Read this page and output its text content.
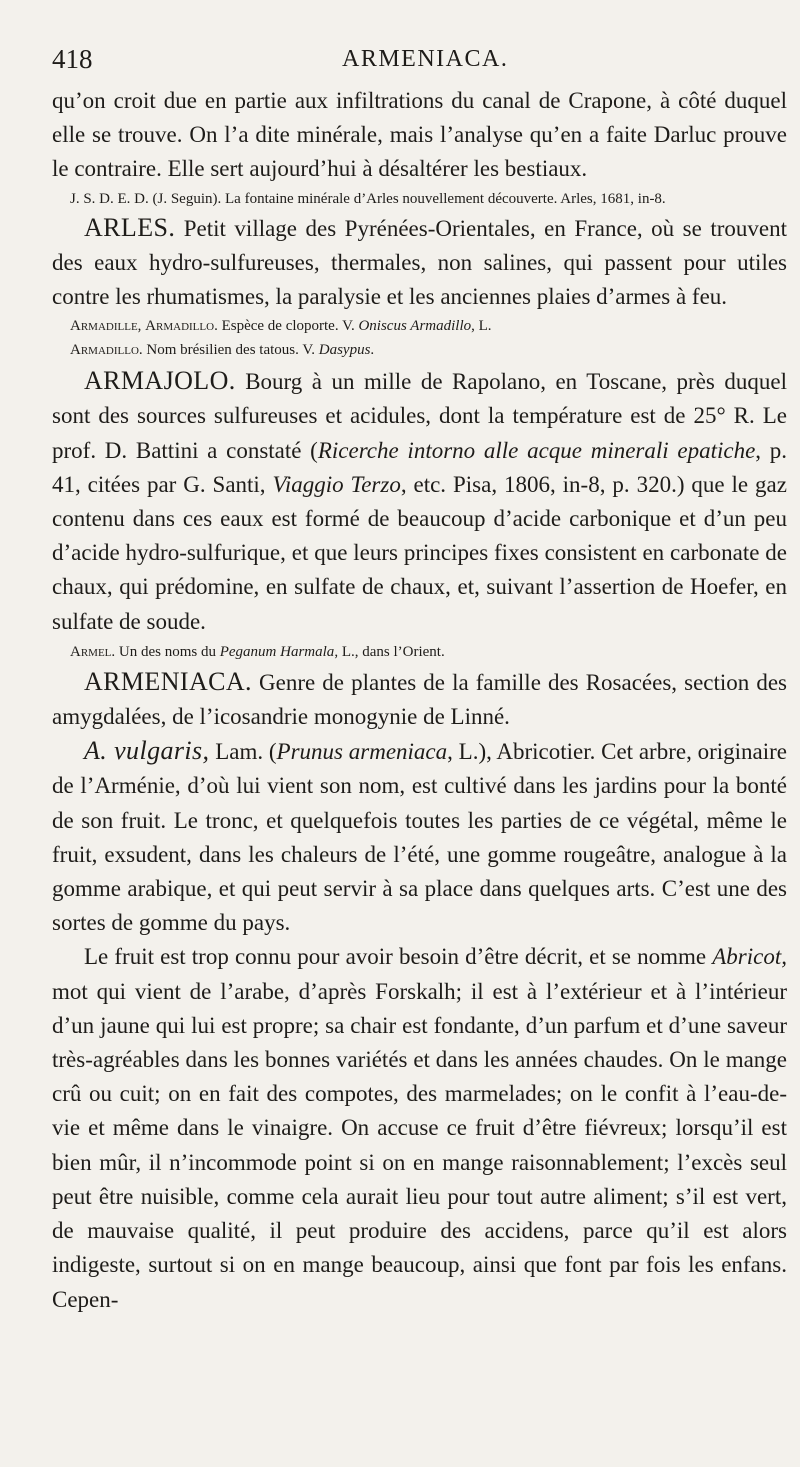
418	ARMENIACA.

qu’on croit due en partie aux infiltrations du canal de Crapone, à côté duquel elle se trouve. On l’a dite minérale, mais l’analyse qu’en a faite Darluc prouve le contraire. Elle sert aujourd’hui à désaltérer les bestiaux.

J. S. D. E. D. (J. Seguin). La fontaine minérale d’Arles nouvellement découverte. Arles, 1681, in-8.

ARLES. Petit village des Pyrénées-Orientales, en France, où se trouvent des eaux hydro-sulfureuses, thermales, non salines, qui passent pour utiles contre les rhumatismes, la paralysie et les anciennes plaies d’armes à feu.

Armadille, Armadillo. Espèce de cloporte. V. Oniscus Armadillo, L.

Armadillo. Nom brésilien des tatous. V. Dasypus.

ARMAJOLO. Bourg à un mille de Rapolano, en Toscane, près duquel sont des sources sulfureuses et acidules, dont la température est de 25° R. Le prof. D. Battini a constaté (Ricerche intorno alle acque minerali epatiche, p. 41, citées par G. Santi, Viaggio Terzo, etc. Pisa, 1806, in-8, p. 320.) que le gaz contenu dans ces eaux est formé de beaucoup d’acide carbonique et d’un peu d’acide hydro-sulfurique, et que leurs principes fixes consistent en carbonate de chaux, qui prédomine, en sulfate de chaux, et, suivant l’assertion de Hoefer, en sulfate de soude.

Armel. Un des noms du Peganum Harmala, L., dans l’Orient.

ARMENIACA. Genre de plantes de la famille des Rosacées, section des amygdalées, de l’icosandrie monogynie de Linné.

A. vulgaris, Lam. (Prunus armeniaca, L.), Abricotier. Cet arbre, originaire de l’Arménie, d’où lui vient son nom, est cultivé dans les jardins pour la bonté de son fruit. Le tronc, et quelquefois toutes les parties de ce végétal, même le fruit, exsudent, dans les chaleurs de l’été, une gomme rougeâtre, analogue à la gomme arabique, et qui peut servir à sa place dans quelques arts. C’est une des sortes de gomme du pays.

Le fruit est trop connu pour avoir besoin d’être décrit, et se nomme Abricot, mot qui vient de l’arabe, d’après Forskalh; il est à l’extérieur et à l’intérieur d’un jaune qui lui est propre; sa chair est fondante, d’un parfum et d’une saveur très-agréables dans les bonnes variétés et dans les années chaudes. On le mange crû ou cuit; on en fait des compotes, des marmelades; on le confit à l’eau-de-vie et même dans le vinaigre. On accuse ce fruit d’être fiévreux; lorsqu’il est bien mûr, il n’incommode point si on en mange raisonnablement; l’excès seul peut être nuisible, comme cela aurait lieu pour tout autre aliment; s’il est vert, de mauvaise qualité, il peut produire des accidens, parce qu’il est alors indigeste, surtout si on en mange beaucoup, ainsi que font par fois les enfans. Cepen-
